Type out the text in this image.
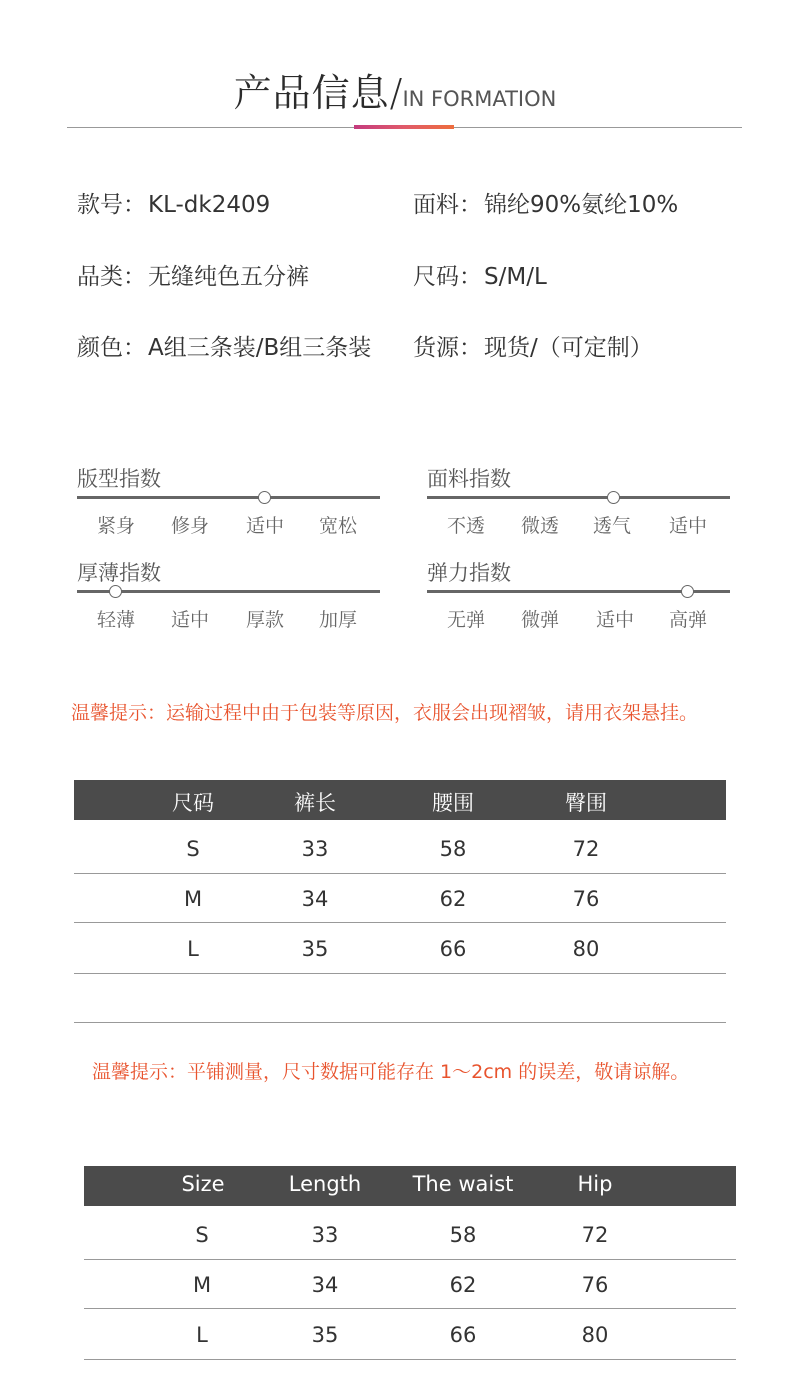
产品信息/IN FORMATION
款号：KL-dk2409	面料：锦纶90%氨纶10%
品类：无缝纯色五分裤	尺码：S/M/L
颜色：A组三条装/B组三条装 货源：现货/（可定制）
版型指数
紧身	修身	适中	宽松
面料指数
不透	微透	透气	适中
厚薄指数
轻薄	适中	厚款	加厚
弹力指数
无弹	微弹	适中	高弹
温馨提示：运输过程中由于包装等原因，衣服会出现褶皱，请用衣架悬挂。
尺码	裤长	腰围	臀围
S	33	58	72
M	34	62	76
L	35	66	80
温馨提示：平铺测量，尺寸数据可能存在 1～2cm 的误差，敬请谅解。
Size	Length	The waist	Hip
S	33	58	72
M	34	62	76
L	35	66	80
